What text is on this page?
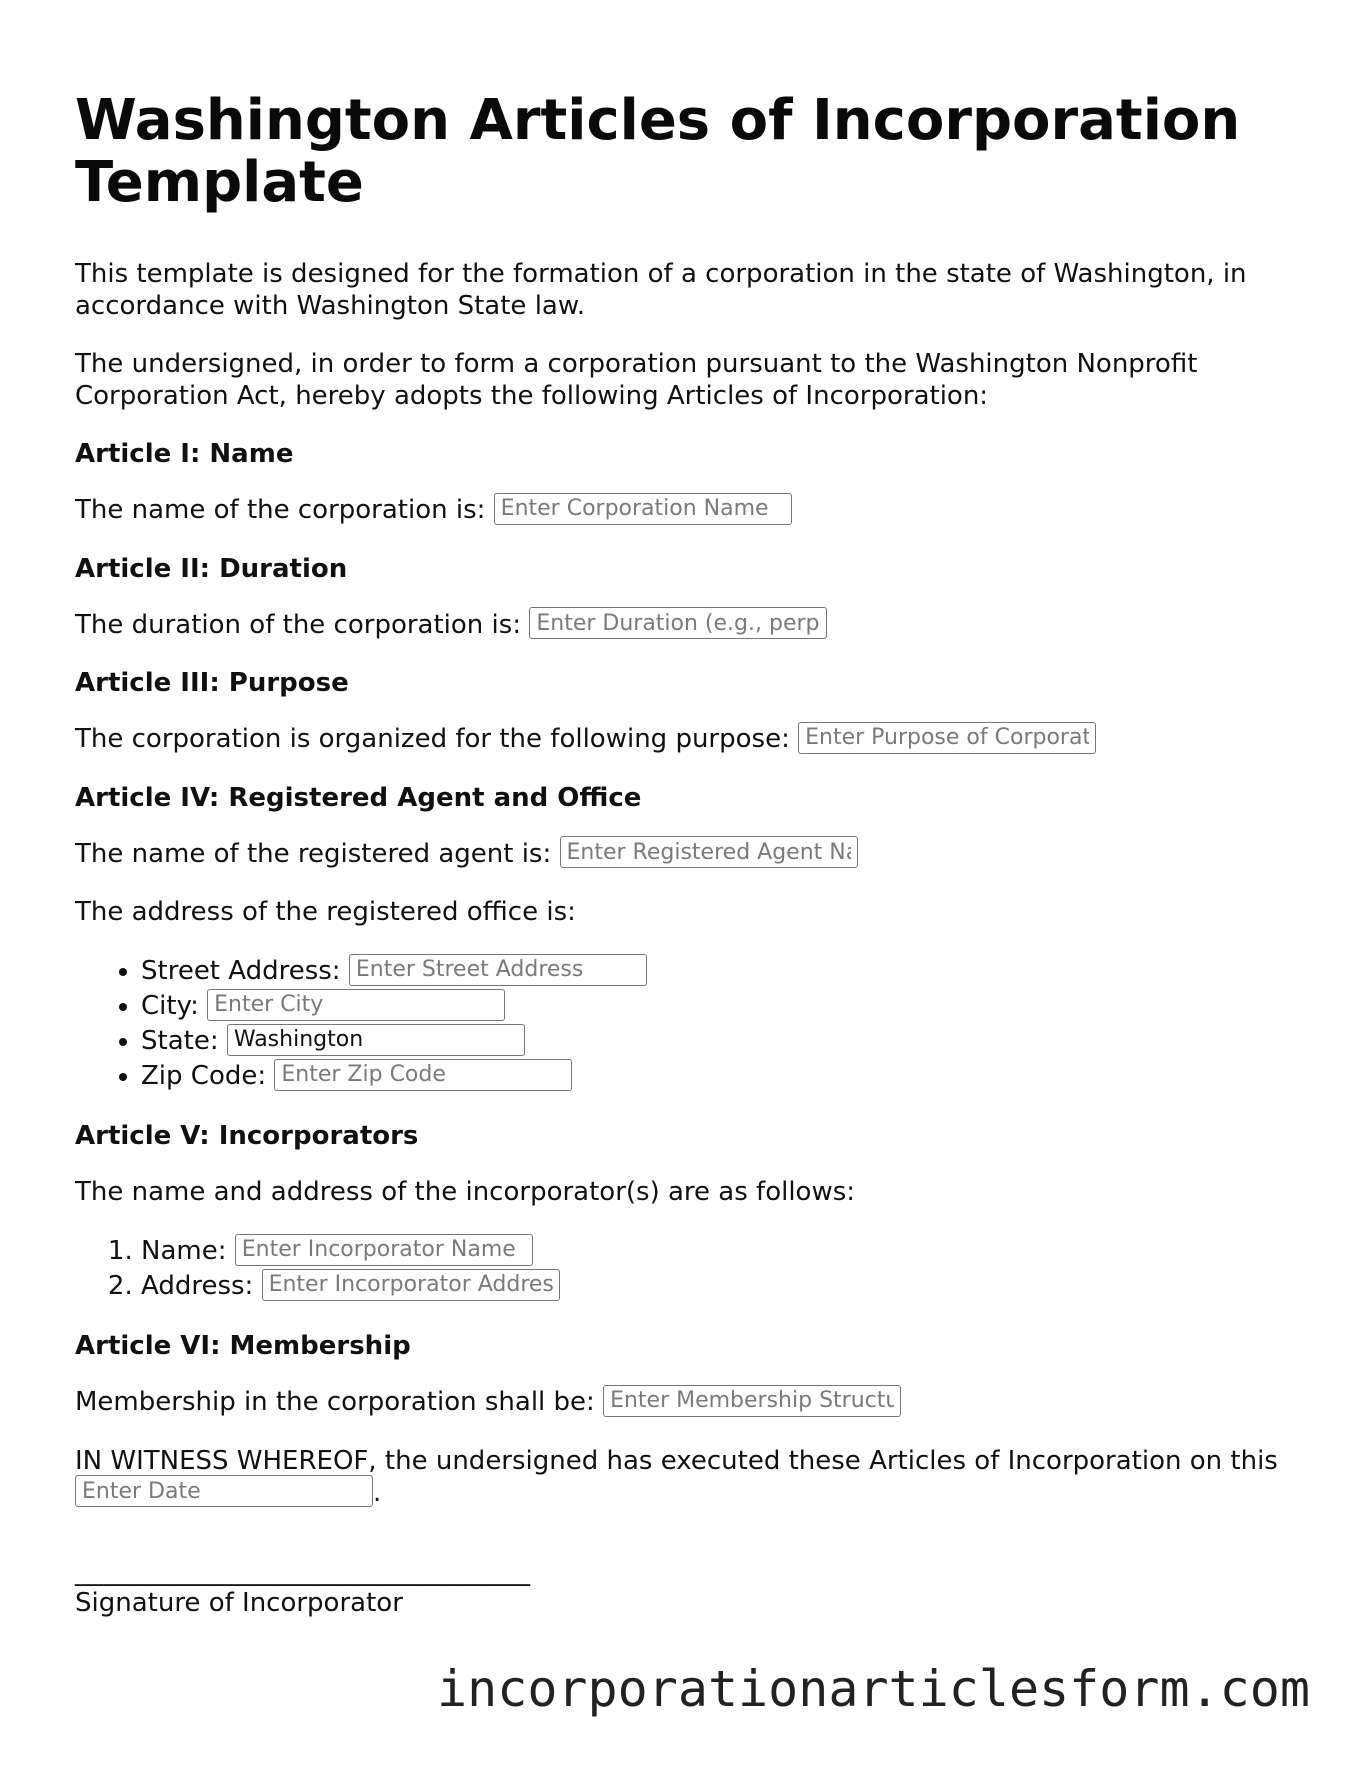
Washington Articles of Incorporation Template

This template is designed for the formation of a corporation in the state of Washington, in accordance with Washington State law.

The undersigned, in order to form a corporation pursuant to the Washington Nonprofit Corporation Act, hereby adopts the following Articles of Incorporation:

Article I: Name

The name of the corporation is: Enter Corporation Name

Article II: Duration

The duration of the corporation is: Enter Duration (e.g., perpetual)

Article III: Purpose

The corporation is organized for the following purpose: Enter Purpose of Corporation

Article IV: Registered Agent and Office

The name of the registered agent is: Enter Registered Agent Name

The address of the registered office is:

• Street Address: Enter Street Address
• City: Enter City
• State: Washington
• Zip Code: Enter Zip Code
Article V: Incorporators

The name and address of the incorporator(s) are as follows:

1. Name: Enter Incorporator Name
2. Address: Enter Incorporator Address
Article VI: Membership

Membership in the corporation shall be: Enter Membership Structure

IN WITNESS WHEREOF, the undersigned has executed these Articles of Incorporation on this Enter Date.

___________________________________
Signature of Incorporator
incorporationarticlesform.com
